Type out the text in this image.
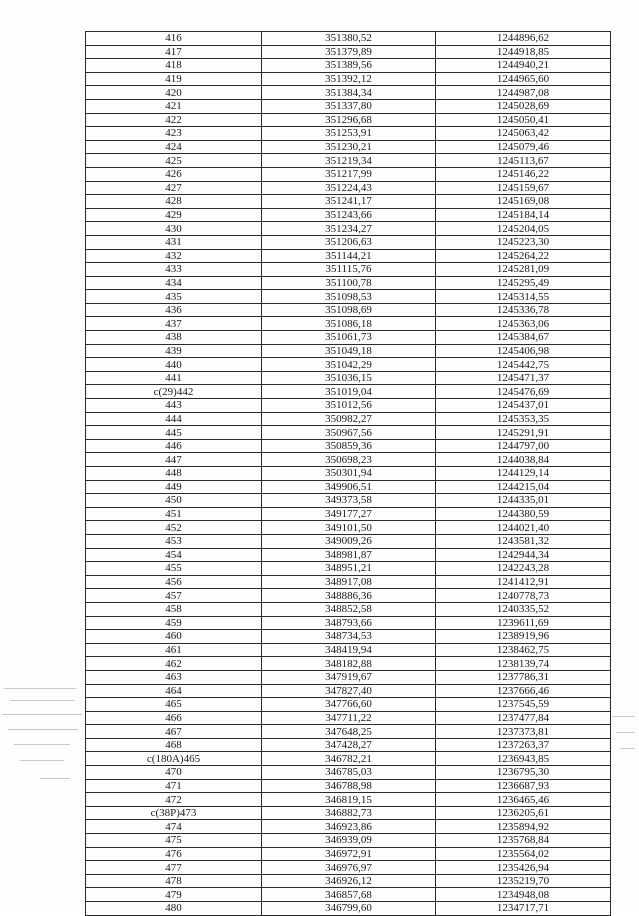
416	351380,52	1244896,62
417	351379,89	1244918,85
418	351389,56	1244940,21
419	351392,12	1244965,60
420	351384,34	1244987,08
421	351337,80	1245028,69
422	351296,68	1245050,41
423	351253,91	1245063,42
424	351230,21	1245079,46
425	351219,34	1245113,67
426	351217,99	1245146,22
427	351224,43	1245159,67
428	351241,17	1245169,08
429	351243,66	1245184,14
430	351234,27	1245204,05
431	351206,63	1245223,30
432	351144,21	1245264,22
433	351115,76	1245281,09
434	351100,78	1245295,49
435	351098,53	1245314,55
436	351098,69	1245336,78
437	351086,18	1245363,06
438	351061,73	1245384,67
439	351049,18	1245406,98
440	351042,29	1245442,75
441	351036,15	1245471,37
c(29)442	351019,04	1245476,69
443	351012,56	1245437,01
444	350982,27	1245353,35
445	350967,56	1245291,91
446	350859,36	1244797,00
447	350698,23	1244038,84
448	350301,94	1244129,14
449	349906,51	1244215,04
450	349373,58	1244335,01
451	349177,27	1244380,59
452	349101,50	1244021,40
453	349009,26	1243581,32
454	348981,87	1242944,34
455	348951,21	1242243,28
456	348917,08	1241412,91
457	348886,36	1240778,73
458	348852,58	1240335,52
459	348793,66	1239611,69
460	348734,53	1238919,96
461	348419,94	1238462,75
462	348182,88	1238139,74
463	347919,67	1237786,31
464	347827,40	1237666,46
465	347766,60	1237545,59
466	347711,22	1237477,84
467	347648,25	1237373,81
468	347428,27	1237263,37
c(180A)465	346782,21	1236943,85
470	346785,03	1236795,30
471	346788,98	1236687,93
472	346819,15	1236465,46
c(38P)473	346882,73	1236205,61
474	346923,86	1235894,92
475	346939,09	1235768,84
476	346972,91	1235564,02
477	346976,97	1235426,94
478	346926,12	1235219,70
479	346857,68	1234948,08
480	346799,60	1234717,71
